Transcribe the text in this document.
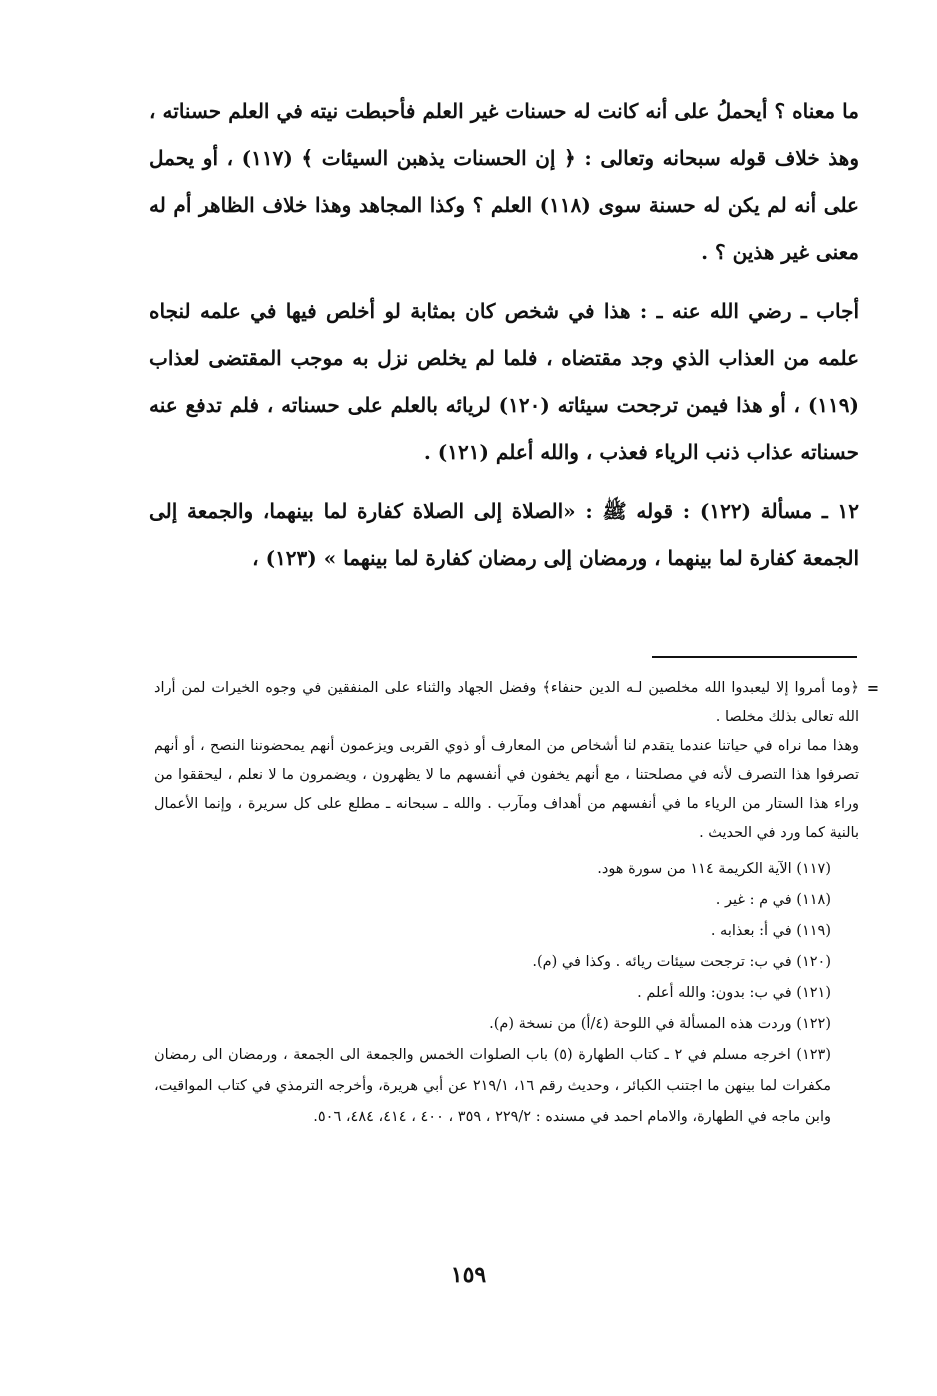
ما معناه ؟ أيحملُ على أنه كانت له حسنات غير العلم فأحبطت نيته في العلم حسناته ، وهذ خلاف قوله سبحانه وتعالى : ﴿ إن الحسنات يذهبن السيئات ﴾ (١١٧) ، أو يحمل على أنه لم يكن له حسنة سوى (١١٨) العلم ؟ وكذا المجاهد وهذا خلاف الظاهر أم له معنى غير هذين ؟ .

أجاب ـ رضي الله عنه ـ : هذا في شخص كان بمثابة لو أخلص فيها في علمه لنجاه علمه من العذاب الذي وجد مقتضاه ، فلما لم يخلص نزل به موجب المقتضى لعذاب (١١٩) ، أو هذا فيمن ترجحت سيئاته (١٢٠) لريائه بالعلم على حسناته ، فلم تدفع عنه حسناته عذاب ذنب الرياء فعذب ، والله أعلم (١٢١) .

١٢ ـ مسألة (١٢٢) : قوله ﷺ : «الصلاة إلى الصلاة كفارة لما بينهما، والجمعة إلى الجمعة كفارة لما بينهما ، ورمضان إلى رمضان كفارة لما بينهما » (١٢٣) ،

=
﴿وما أمروا إلا ليعبدوا الله مخلصين لـه الدين حنفاء﴾ وفضل الجهاد والثناء على المنفقين في وجوه الخيرات لمن أراد الله تعالى بذلك مخلصا .

وهذا مما نراه في حياتنا عندما يتقدم لنا أشخاص من المعارف أو ذوي القربى ويزعمون أنهم يمحضوننا النصح ، أو أنهم تصرفوا هذا التصرف لأنه في مصلحتنا ، مع أنهم يخفون في أنفسهم ما لا يظهرون ، ويضمرون ما لا نعلم ، ليحققوا من وراء هذا الستار من الرياء ما في أنفسهم من أهداف ومآرب . والله ـ سبحانه ـ مطلع على كل سريرة ، وإنما الأعمال بالنية كما ورد في الحديث .

(١١٧) الآية الكريمة ١١٤ من سورة هود.
(١١٨) في م : غير .
(١١٩) في أ: بعذابه .
(١٢٠) في ب: ترجحت سيئات ريائه . وكذا في (م).
(١٢١) في ب: بدون: والله أعلم .
(١٢٢) وردت هذه المسألة في اللوحة (٤/أ) من نسخة (م).
(١٢٣) اخرجه مسلم في ٢ ـ كتاب الطهارة (٥) باب الصلوات الخمس والجمعة الى الجمعة ، ورمضان الى رمضان مكفرات لما بينهن ما اجتنب الكبائر ، وحديث رقم ١٦، ٢١٩/١ عن أبي هريرة، وأخرجه الترمذي في كتاب المواقيت، وابن ماجه في الطهارة، والامام احمد في مسنده : ٢٢٩/٢ ، ٣٥٩ ، ٤٠٠ ، ٤١٤، ٤٨٤، ٥٠٦.
١٥٩
